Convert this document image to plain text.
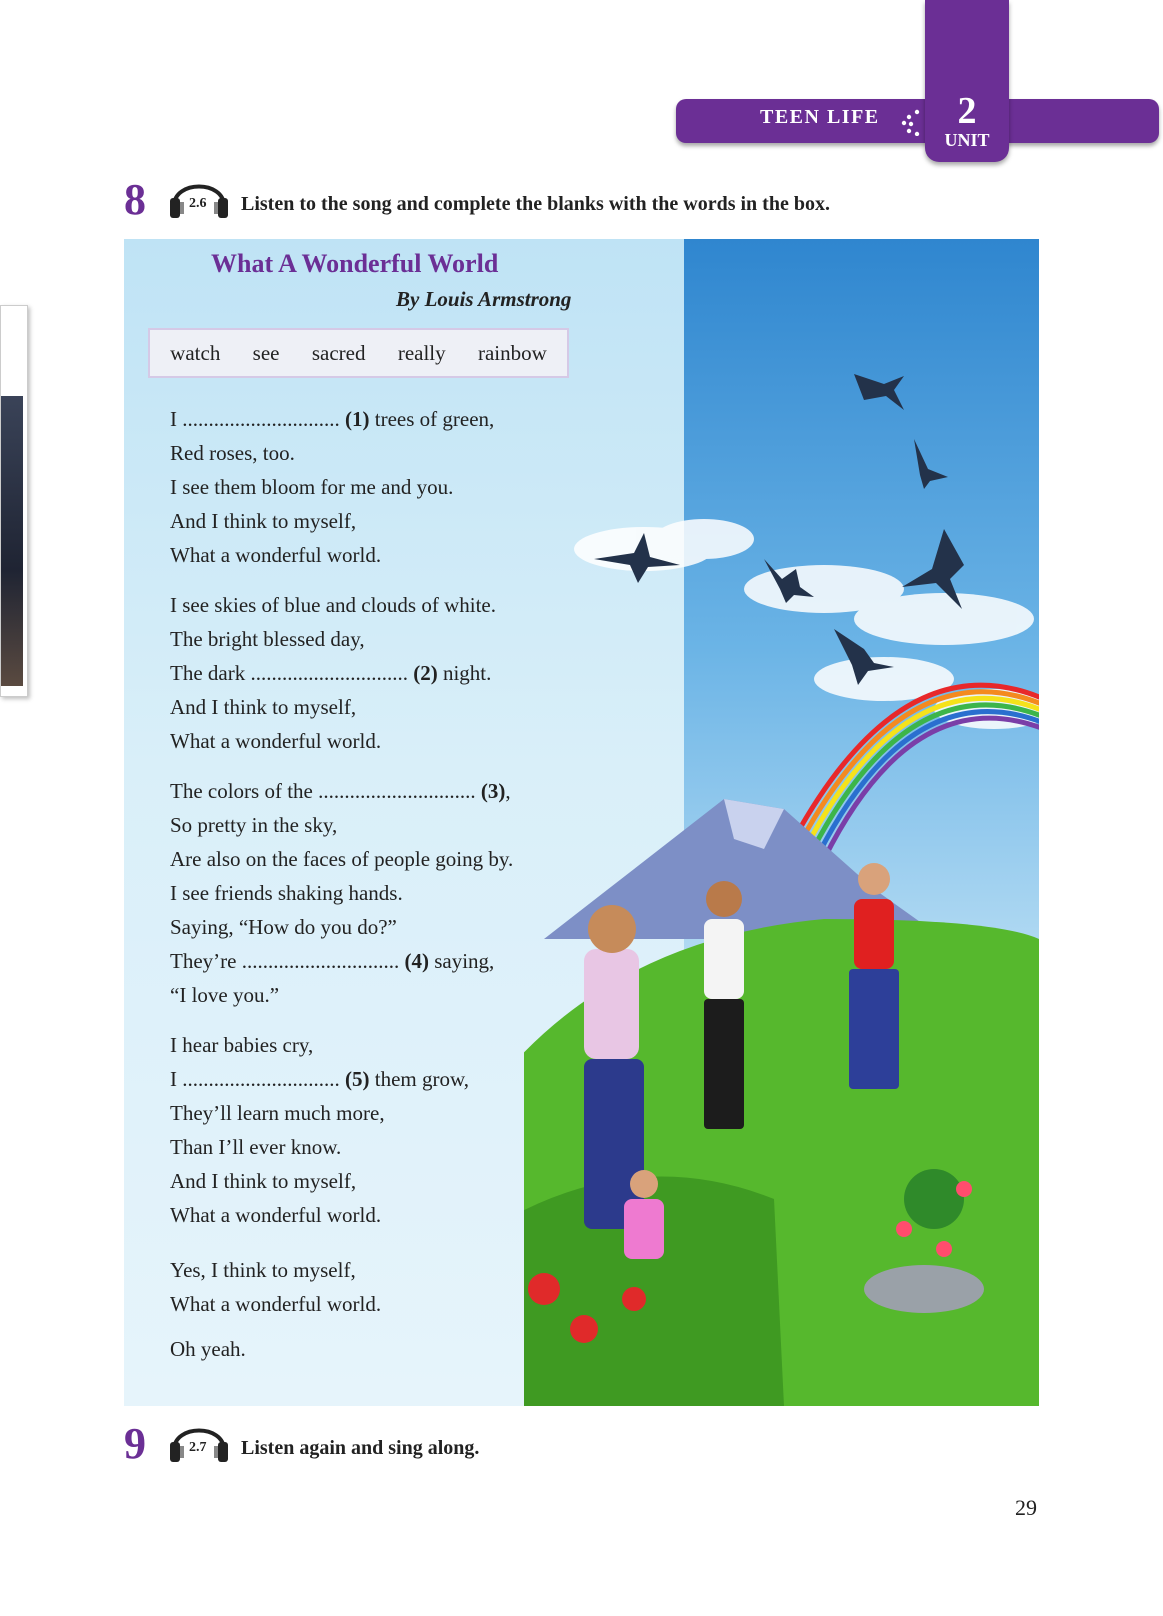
TEEN LIFE	2
UNIT
8	2.6 Listen to the song and complete the blanks with the words in the box.
What A Wonderful World
By Louis Armstrong
watch see sacred really rainbow
I .............................. (1) trees of green,
Red roses, too.
I see them bloom for me and you.
And I think to myself,
What a wonderful world.
I see skies of blue and clouds of white.
The bright blessed day,
The dark .............................. (2) night.
And I think to myself,
What a wonderful world.
The colors of the .............................. (3),
So pretty in the sky,
Are also on the faces of people going by.
I see friends shaking hands.
Saying, “How do you do?”
They’re .............................. (4) saying,
“I love you.”
I hear babies cry,
I .............................. (5) them grow,
They’ll learn much more,
Than I’ll ever know.
And I think to myself,
What a wonderful world.
Yes, I think to myself,
What a wonderful world.
Oh yeah.
9	2.7 Listen again and sing along.
29
